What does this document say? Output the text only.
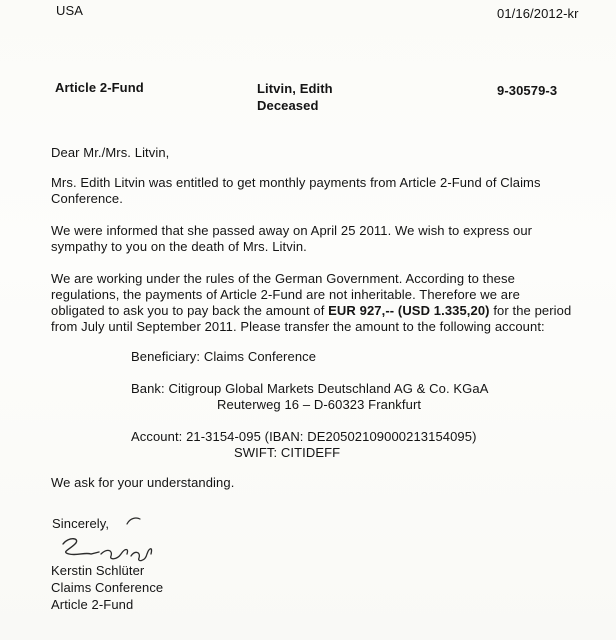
USA	01/16/2012-kr
Article 2-Fund	Litvin, Edith
Deceased
9-30579-3
Dear Mr./Mrs. Litvin,
Mrs. Edith Litvin was entitled to get monthly payments from Article 2-Fund of Claims
Conference.
We were informed that she passed away on April 25 2011. We wish to express our
sympathy to you on the death of Mrs. Litvin.
We are working under the rules of the German Government. According to these
regulations, the payments of Article 2-Fund are not inheritable. Therefore we are
obligated to ask you to pay back the amount of EUR 927,-- (USD 1.335,20) for the period
from July until September 2011. Please transfer the amount to the following account:
Beneficiary: Claims Conference
Bank: Citigroup Global Markets Deutschland AG & Co. KGaA
Reuterweg 16 – D-60323 Frankfurt
Account: 21-3154-095 (IBAN: DE20502109000213154095)
SWIFT: CITIDEFF
We ask for your understanding.
Sincerely,
Kerstin Schlüter
Claims Conference
Article 2-Fund
